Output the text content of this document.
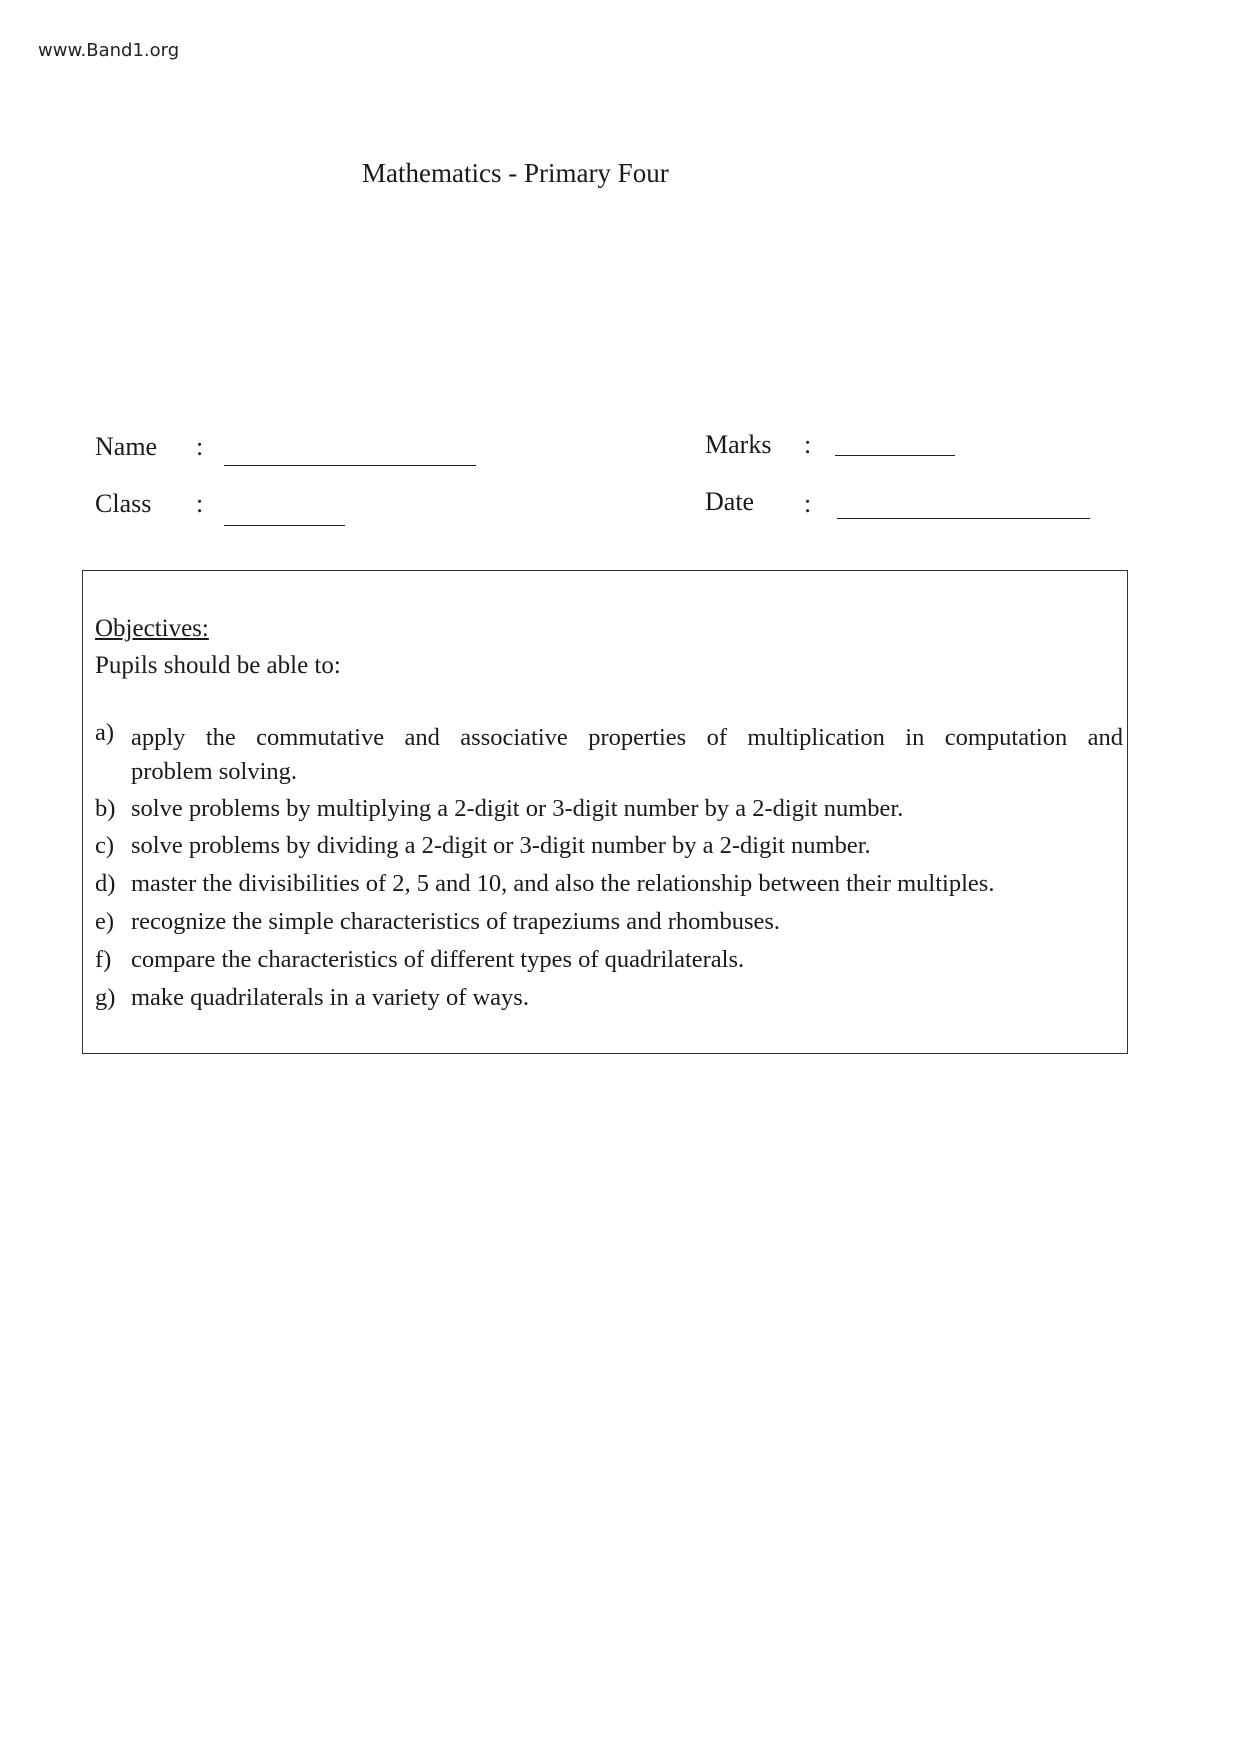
www.Band1.org
Mathematics - Primary Four
Name :
Class :
Marks :
Date :
Objectives:
Pupils should be able to:
a) apply the commutative and associative properties of multiplication in computation and
problem solving.
b) solve problems by multiplying a 2-digit or 3-digit number by a 2-digit number.
c) solve problems by dividing a 2-digit or 3-digit number by a 2-digit number.
d) master the divisibilities of 2, 5 and 10, and also the relationship between their multiples.
e) recognize the simple characteristics of trapeziums and rhombuses.
f) compare the characteristics of different types of quadrilaterals.
g) make quadrilaterals in a variety of ways.
